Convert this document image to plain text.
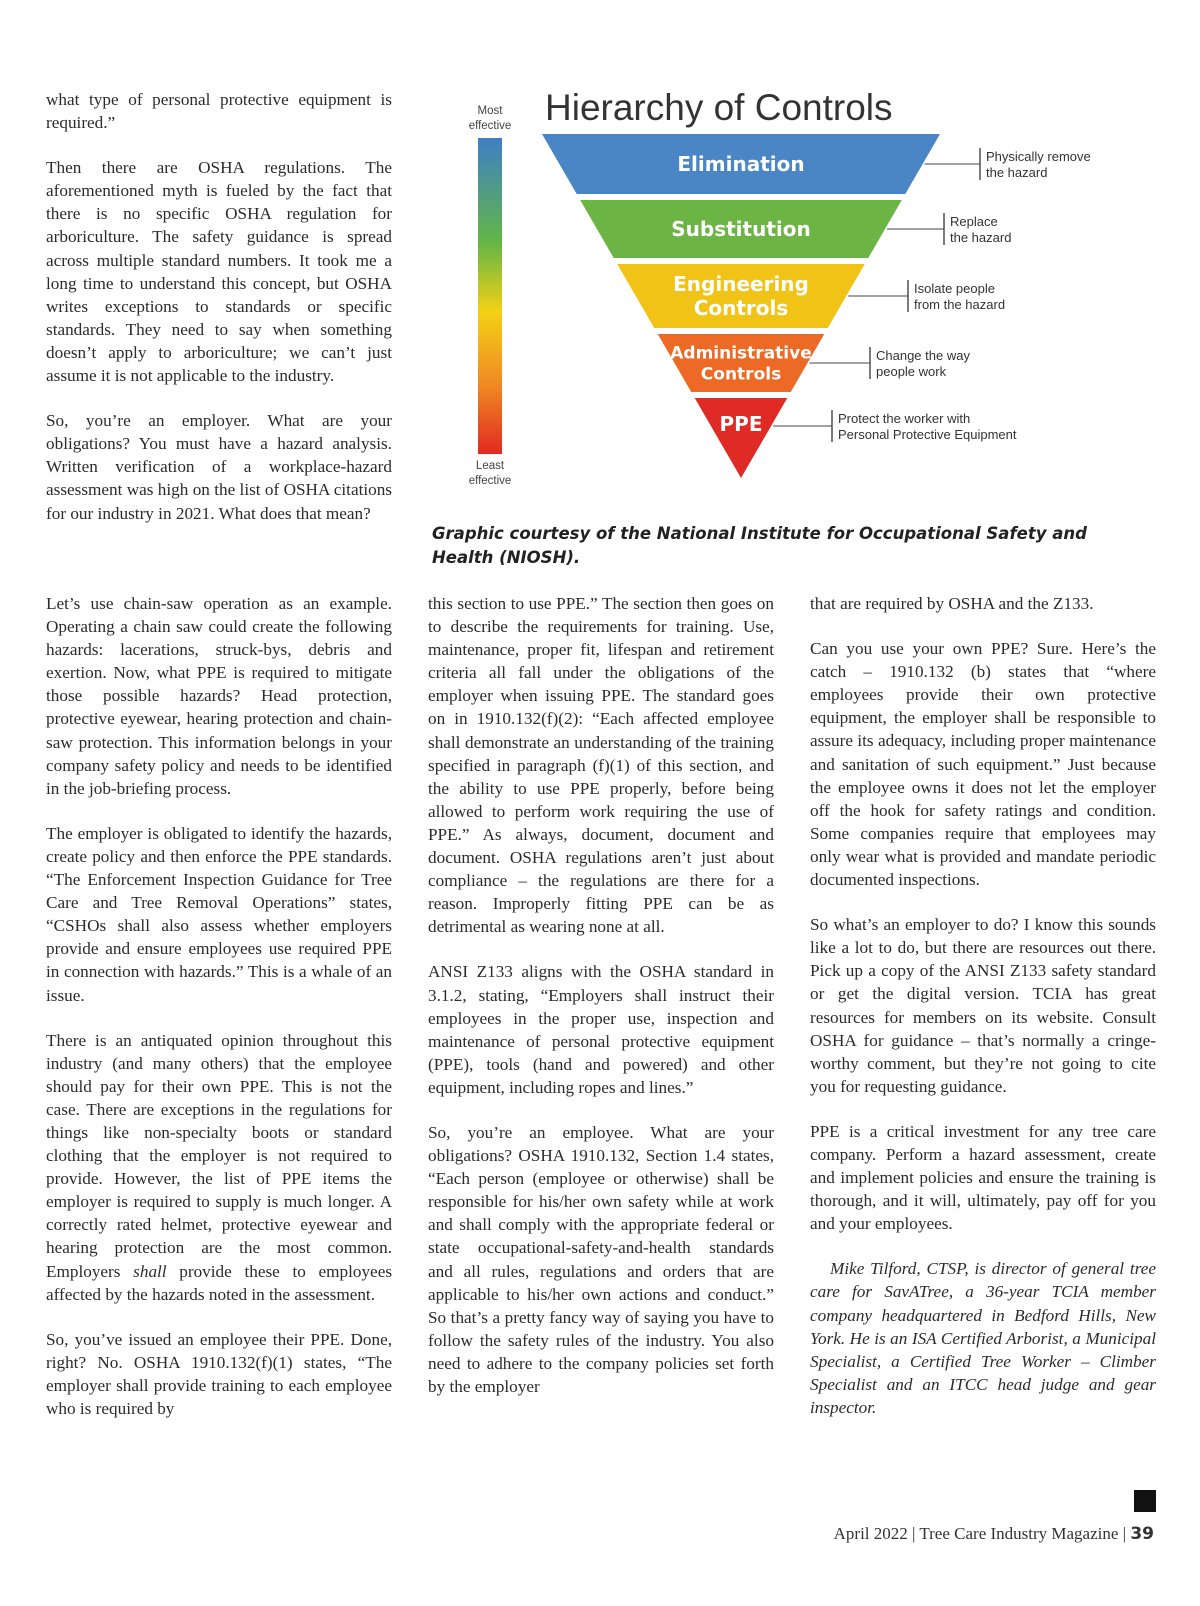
what type of personal protective equipment is required.”

Then there are OSHA regulations. The aforementioned myth is fueled by the fact that there is no specific OSHA regulation for arboriculture. The safety guidance is spread across multiple standard numbers. It took me a long time to understand this concept, but OSHA writes exceptions to standards or specific standards. They need to say when something doesn’t apply to arboriculture; we can’t just assume it is not applicable to the industry.

So, you’re an employer. What are your obligations? You must have a hazard analysis. Written verification of a workplace-hazard assessment was high on the list of OSHA citations for our industry in 2021. What does that mean?

Hierarchy of Controls
Most
effective
Least
effective
Elimination	Physically remove
the hazard
Substitution	Replace
the hazard
Engineering
Controls
Isolate people
from the hazard
Administrative
Controls
Change the way
people work
PPE	Protect the worker with
Personal Protective Equipment
Graphic courtesy of the National Institute for Occupational Safety and Health (NIOSH).

Let’s use chain-saw operation as an example. Operating a chain saw could create the following hazards: lacerations, struck-bys, debris and exertion. Now, what PPE is required to mitigate those possible hazards? Head protection, protective eyewear, hearing protection and chain-saw protection. This information belongs in your company safety policy and needs to be identified in the job-briefing process.

The employer is obligated to identify the hazards, create policy and then enforce the PPE standards. “The Enforcement Inspection Guidance for Tree Care and Tree Removal Operations” states, “CSHOs shall also assess whether employers provide and ensure employees use required PPE in connection with hazards.” This is a whale of an issue.

There is an antiquated opinion throughout this industry (and many others) that the employee should pay for their own PPE. This is not the case. There are exceptions in the regulations for things like non-specialty boots or standard clothing that the employer is not required to provide. However, the list of PPE items the employer is required to supply is much longer. A correctly rated helmet, protective eyewear and hearing protection are the most common. Employers shall provide these to employees affected by the hazards noted in the assessment.

So, you’ve issued an employee their PPE. Done, right? No. OSHA 1910.132(f)(1) states, “The employer shall provide training to each employee who is required by

this section to use PPE.” The section then goes on to describe the requirements for training. Use, maintenance, proper fit, lifespan and retirement criteria all fall under the obligations of the employer when issuing PPE. The standard goes on in 1910.132(f)(2): “Each affected employee shall demonstrate an understanding of the training specified in paragraph (f)(1) of this section, and the ability to use PPE properly, before being allowed to perform work requiring the use of PPE.” As always, document, document and document. OSHA regulations aren’t just about compliance – the regulations are there for a reason. Improperly fitting PPE can be as detrimental as wearing none at all.

ANSI Z133 aligns with the OSHA standard in 3.1.2, stating, “Employers shall instruct their employees in the proper use, inspection and maintenance of personal protective equipment (PPE), tools (hand and powered) and other equipment, including ropes and lines.”

So, you’re an employee. What are your obligations? OSHA 1910.132, Section 1.4 states, “Each person (employee or otherwise) shall be responsible for his/her own safety while at work and shall comply with the appropriate federal or state occupational-safety-and-health standards and all rules, regulations and orders that are applicable to his/her own actions and conduct.” So that’s a pretty fancy way of saying you have to follow the safety rules of the industry. You also need to adhere to the company policies set forth by the employer

that are required by OSHA and the Z133.

Can you use your own PPE? Sure. Here’s the catch – 1910.132 (b) states that “where employees provide their own protective equipment, the employer shall be responsible to assure its adequacy, including proper maintenance and sanitation of such equipment.” Just because the employee owns it does not let the employer off the hook for safety ratings and condition. Some companies require that employees may only wear what is provided and mandate periodic documented inspections.

So what’s an employer to do? I know this sounds like a lot to do, but there are resources out there. Pick up a copy of the ANSI Z133 safety standard or get the digital version. TCIA has great resources for members on its website. Consult OSHA for guidance – that’s normally a cringe-worthy comment, but they’re not going to cite you for requesting guidance.

PPE is a critical investment for any tree care company. Perform a hazard assessment, create and implement policies and ensure the training is thorough, and it will, ultimately, pay off for you and your employees.

Mike Tilford, CTSP, is director of general tree care for SavATree, a 36-year TCIA member company headquartered in Bedford Hills, New York. He is an ISA Certified Arborist, a Municipal Specialist, a Certified Tree Worker – Climber Specialist and an ITCC head judge and gear inspector.

April 2022 | Tree Care Industry Magazine | 39
